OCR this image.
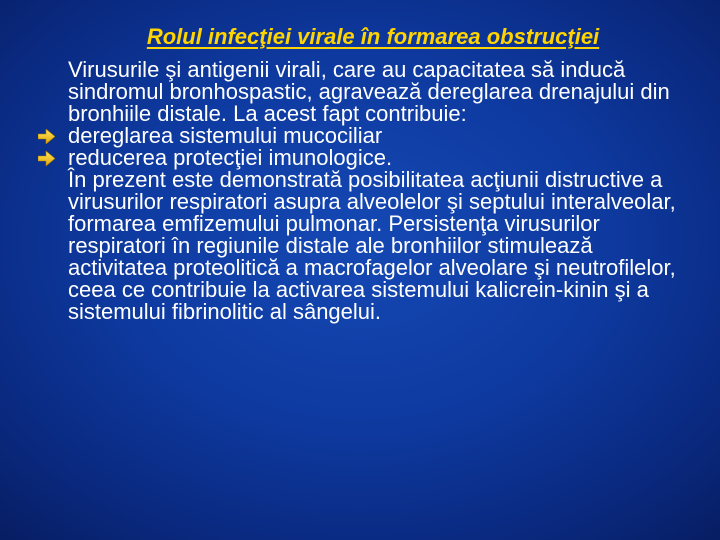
Rolul infecţiei virale în formarea obstrucţiei

Virusurile şi antigenii virali, care au capacitatea să inducă sindromul bronhospastic, agravează dereglarea drenajului din bronhiile distale. La acest fapt contribuie:

dereglarea sistemului mucociliar
reducerea protecţiei imunologice.

În prezent este demonstrată posibilitatea acţiunii distructive a virusurilor respiratori asupra alveolelor şi septului interalveolar, formarea emfizemului pulmonar. Persistenţa virusurilor respiratori în regiunile distale ale bronhiilor stimulează activitatea proteolitică a macrofagelor alveolare şi neutrofilelor, ceea ce contribuie la activarea sistemului kalicrein-kinin şi a sistemului fibrinolitic al sângelui.
